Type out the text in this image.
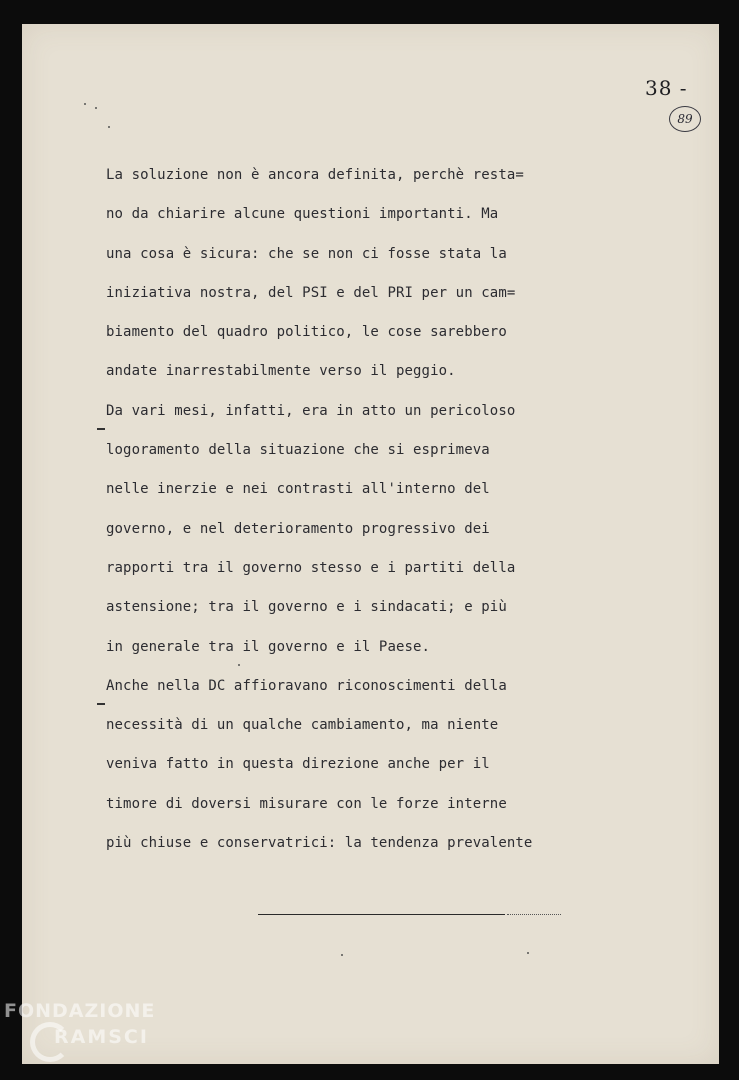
38 -
89
La soluzione non è ancora definita, perchè resta=
no da chiarire alcune questioni importanti. Ma
una cosa è sicura: che se non ci fosse stata la
iniziativa nostra, del PSI e del PRI per un cam=
biamento del quadro politico, le cose sarebbero
andate inarrestabilmente verso il peggio.
Da vari mesi, infatti, era in atto un pericoloso
logoramento della situazione che si esprimeva
nelle inerzie e nei contrasti all'interno del
governo, e nel deterioramento progressivo dei
rapporti tra il governo stesso e i partiti della
astensione; tra il governo e i sindacati; e più
in generale tra il governo e il Paese.
Anche nella DC affioravano riconoscimenti della
necessità di un qualche cambiamento, ma niente
veniva fatto in questa direzione anche per il
timore di doversi misurare con le forze interne
più chiuse e conservatrici: la tendenza prevalente
FONDAZIONE
RAMSCI
